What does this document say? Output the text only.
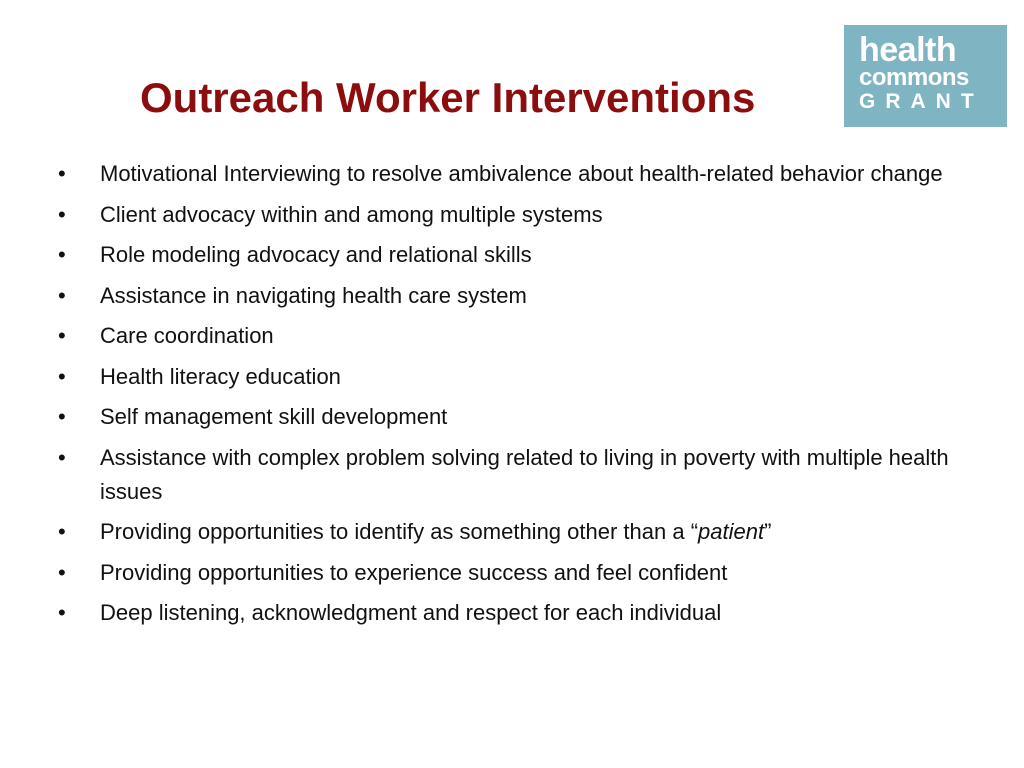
Outreach Worker Interventions
health
commons
GRANT
• Motivational Interviewing to resolve ambivalence about health-related behavior change
• Client advocacy within and among multiple systems
• Role modeling advocacy and relational skills
• Assistance in navigating health care system
• Care coordination
• Health literacy education
• Self management skill development
• Assistance with complex problem solving related to living in poverty with multiple health issues
• Providing opportunities to identify as something other than a “patient”
• Providing opportunities to experience success and feel confident
• Deep listening, acknowledgment and respect for each individual
